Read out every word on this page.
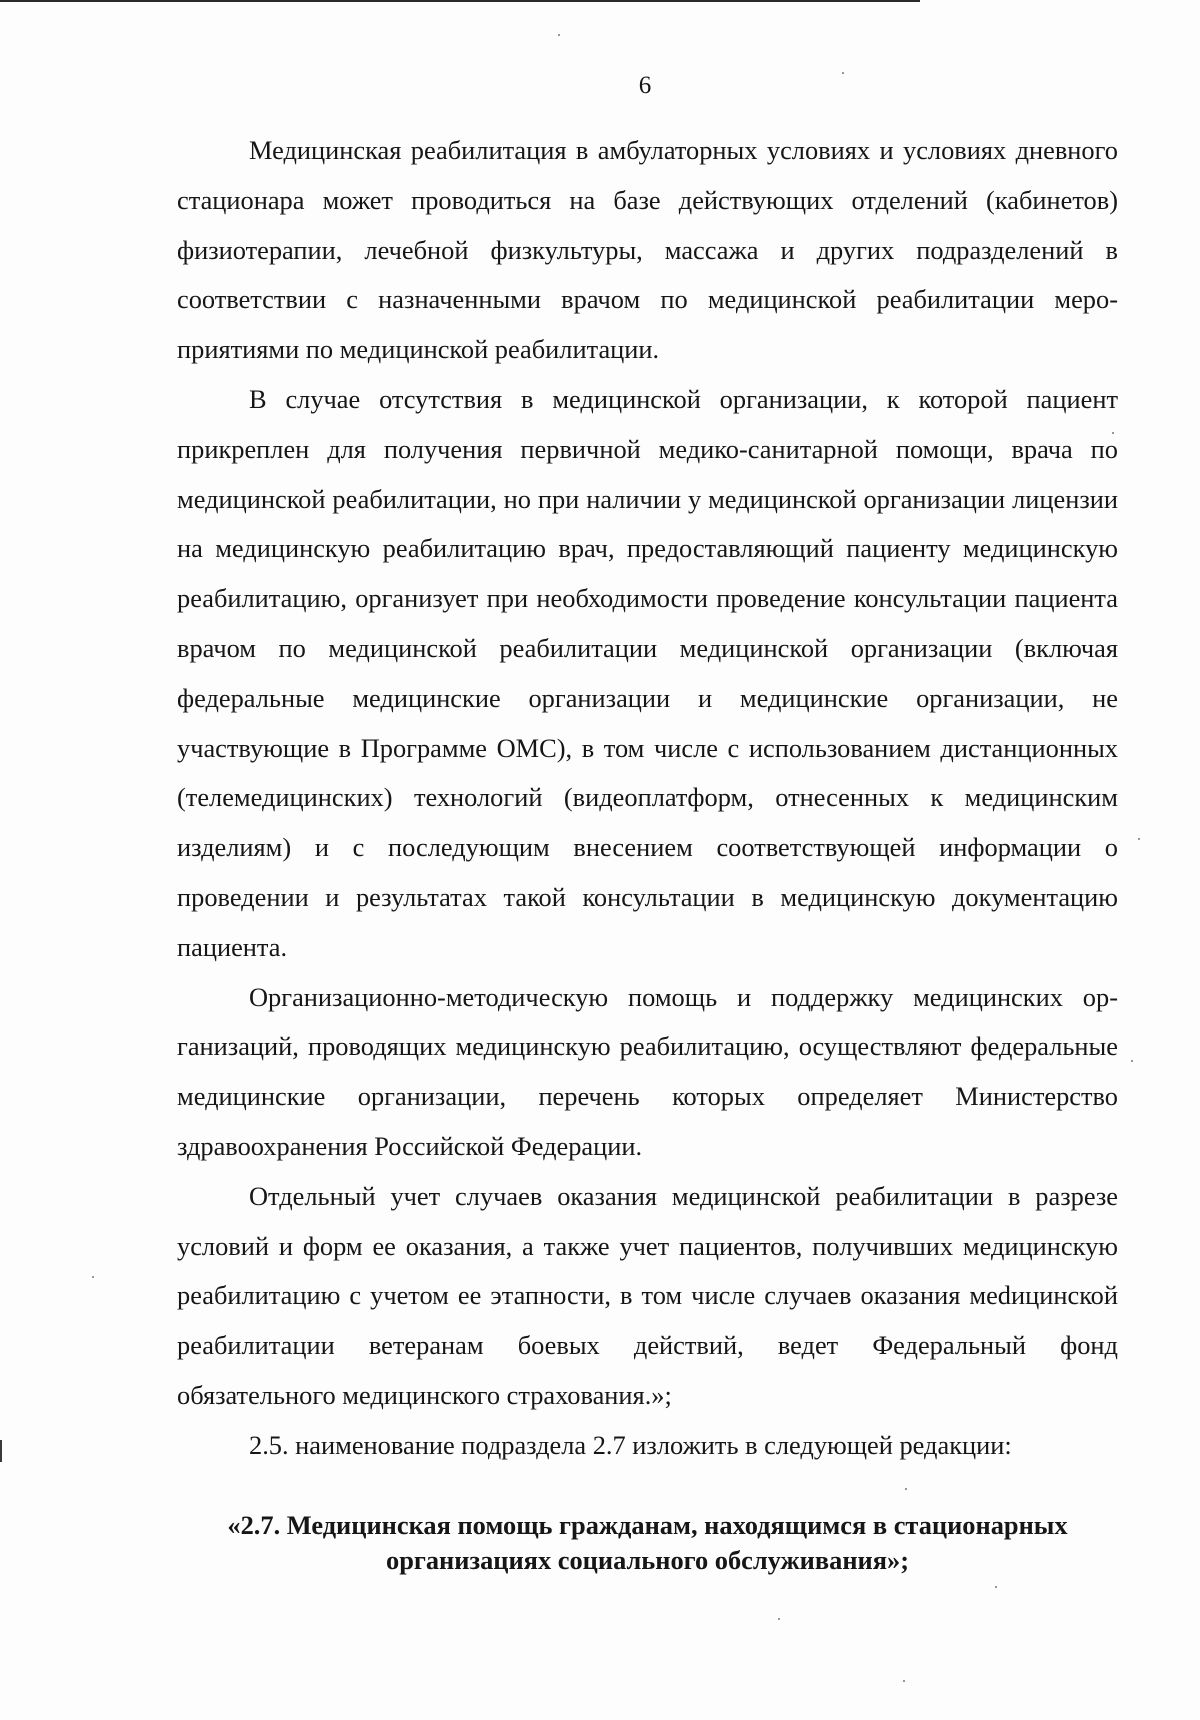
6

Медицинская реабилитация в амбулаторных условиях и условиях дневного стационара может проводиться на базе действующих отделений (кабинетов) физиотерапии, лечебной физкультуры, массажа и других подразделений в соответствии с назначенными врачом по медицинской реабилитации мероприятиями по медицинской реабилитации.

В случае отсутствия в медицинской организации, к которой пациент прикреплен для получения первичной медико-санитарной помощи, врача по медицинской реабилитации, но при наличии у медицинской организации лицензии на медицинскую реабилитацию врач, предоставляющий пациенту медицинскую реабилитацию, организует при необходимости проведение консультации пациента врачом по медицинской реабилитации медицинской организации (включая федеральные медицинские организации и медицинские организации, не участвующие в Программе ОМС), в том числе с использованием дистанционных (телемедицинских) технологий (видеоплатформ, отнесенных к медицинским изделиям) и с последующим внесением соответствующей информации о проведении и результатах такой консультации в медицинскую документацию пациента.

Организационно-методическую помощь и поддержку медицинских организаций, проводящих медицинскую реабилитацию, осуществляют федеральные медицинские организации, перечень которых определяет Министерство здравоохранения Российской Федерации.

Отдельный учет случаев оказания медицинской реабилитации в разрезе условий и форм ее оказания, а также учет пациентов, получивших медицинскую реабилитацию с учетом ее этапности, в том числе случаев оказания меdицинской реабилитации ветеранам боевых действий, ведет Федеральный фонд обязательного медицинского страхования.»;

2.5. наименование подраздела 2.7 изложить в следующей редакции:

«2.7. Медицинская помощь гражданам, находящимся в стационарных

организациях социального обслуживания»;
